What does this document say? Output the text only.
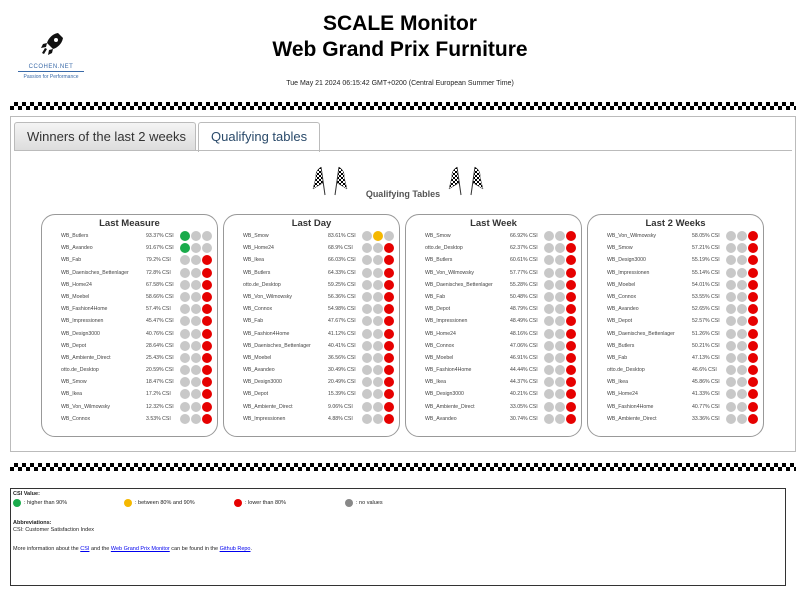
CCOHEN.NET
Passion for Performance
SCALE Monitor
Web Grand Prix Furniture
Tue May 21 2024 06:15:42 GMT+0200 (Central European Summer Time)
Winners of the last 2 weeks	Qualifying tables
Qualifying Tables
Last Measure
WB_Butlers	93.37% CSI
WB_Avandeo	91.67% CSI
WB_Fab	79.2% CSI
WB_Daenisches_Bettenlager	72.8% CSI
WB_Home24	67.58% CSI
WB_Moebel	58.66% CSI
WB_Fashion4Home	57.4% CSI
WB_Impressionen	45.47% CSI
WB_Design3000	40.76% CSI
WB_Depot	28.64% CSI
WB_Ambiente_Direct	25.43% CSI
otto.de_Desktop	20.59% CSI
WB_Smow	18.47% CSI
WB_Ikea	17.2% CSI
WB_Von_Wilmowsky	12.32% CSI
WB_Connox	3.53% CSI
Last Day
WB_Smow	83.61% CSI
WB_Home24	68.9% CSI
WB_Ikea	66.03% CSI
WB_Butlers	64.33% CSI
otto.de_Desktop	59.25% CSI
WB_Von_Wilmowsky	56.36% CSI
WB_Connox	54.98% CSI
WB_Fab	47.67% CSI
WB_Fashion4Home	41.12% CSI
WB_Daenisches_Bettenlager	40.41% CSI
WB_Moebel	36.56% CSI
WB_Avandeo	30.49% CSI
WB_Design3000	20.49% CSI
WB_Depot	15.39% CSI
WB_Ambiente_Direct	9.06% CSI
WB_Impressionen	4.88% CSI
Last Week
WB_Smow	66.92% CSI
otto.de_Desktop	62.37% CSI
WB_Butlers	60.61% CSI
WB_Von_Wilmowsky	57.77% CSI
WB_Daenisches_Bettenlager	55.28% CSI
WB_Fab	50.48% CSI
WB_Depot	48.79% CSI
WB_Impressionen	48.49% CSI
WB_Home24	48.16% CSI
WB_Connox	47.06% CSI
WB_Moebel	46.91% CSI
WB_Fashion4Home	44.44% CSI
WB_Ikea	44.37% CSI
WB_Design3000	40.21% CSI
WB_Ambiente_Direct	33.05% CSI
WB_Avandeo	30.74% CSI
Last 2 Weeks
WB_Von_Wilmowsky	58.05% CSI
WB_Smow	57.21% CSI
WB_Design3000	55.19% CSI
WB_Impressionen	55.14% CSI
WB_Moebel	54.01% CSI
WB_Connox	53.55% CSI
WB_Avandeo	52.65% CSI
WB_Depot	52.57% CSI
WB_Daenisches_Bettenlager	51.26% CSI
WB_Butlers	50.21% CSI
WB_Fab	47.13% CSI
otto.de_Desktop	46.6% CSI
WB_Ikea	45.86% CSI
WB_Home24	41.33% CSI
WB_Fashion4Home	40.77% CSI
WB_Ambiente_Direct	33.36% CSI
CSI Value:
: higher than 90%	: between 80% and 90%	: lower than 80%	: no values
Abbreviations:
CSI: Customer Satisfaction Index
More information about the CSI and the Web Grand Prix Monitor can be found in the Github Repo.
